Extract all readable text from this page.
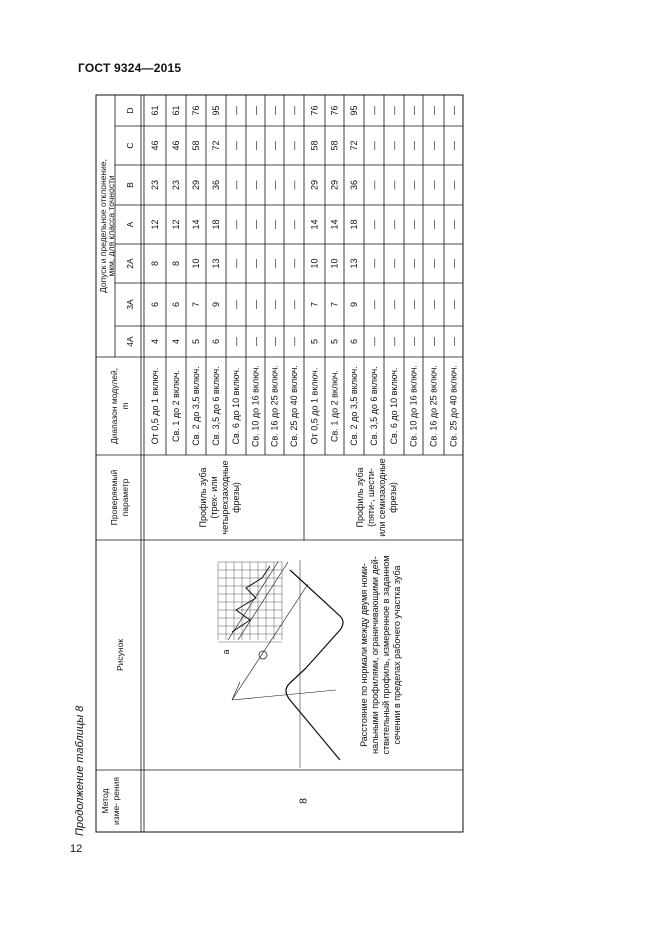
ГОСТ 9324—2015
Продолжение таблицы 8
12
Метод изме- рения
Рисунок
Проверяемый параметр
Диапазон модулей, m
Допуск и предельное отклонение,
мкм, для класса точности
4А
3А
2А
А
В
С
D
8
Профиль зуба (трех- или четырехзаходные фрезы)	Профиль зуба (пяти-, шести- или семизаходные фрезы)
От 0,5 до 1 включ.
4
6
8
12
23
46
61
Св. 1 до 2 включ.
4
6
8
12
23
46
61
Св. 2 до 3,5 включ.
5
7
10
14
29
58
76
Св. 3,5 до 6 включ.
6
9
13
18
36
72
95
Св. 6 до 10 включ.
—
—
—
—
—
—
—
Св. 10 до 16 включ.
—
—
—
—
—
—
—
Св. 16 до 25 включ.
—
—
—
—
—
—
—
Св. 25 до 40 включ.
—
—
—
—
—
—
—
От 0,5 до 1 включ.
5
7
10
14
29
58
76
Св. 1 до 2 включ.
5
7
10
14
29
58
76
Св. 2 до 3,5 включ.
6
9
13
18
36
72
95
Св. 3,5 до 6 включ.
—
—
—
—
—
—
—
Св. 6 до 10 включ.
—
—
—
—
—
—
—
Св. 10 до 16 включ.
—
—
—
—
—
—
—
Св. 16 до 25 включ.
—
—
—
—
—
—
—
Св. 25 до 40 включ.
—
—
—
—
—
—
—
Расстояние по нормали между двумя номи- нальными профилями, ограничивающими дей- ствительный профиль, измеренное в заданном сечении в пределах рабочего участка зуба
а
